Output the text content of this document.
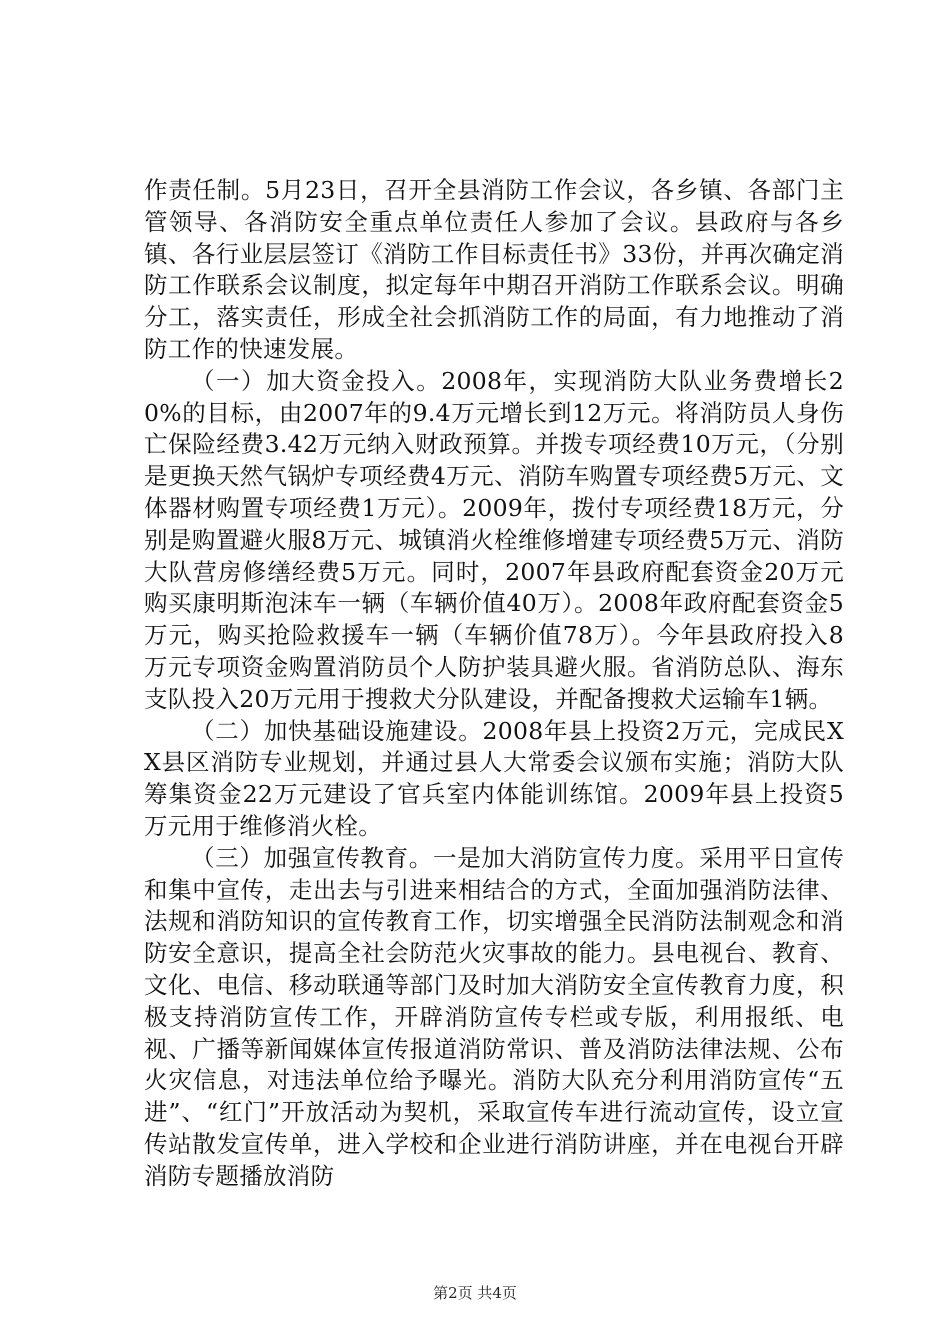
作责任制。5月23日，召开全县消防工作会议，各乡镇、各部门主管领导、各消防安全重点单位责任人参加了会议。县政府与各乡镇、各行业层层签订《消防工作目标责任书》33份，并再次确定消防工作联系会议制度，拟定每年中期召开消防工作联系会议。明确分工，落实责任，形成全社会抓消防工作的局面，有力地推动了消防工作的快速发展。

（一）加大资金投入。2008年，实现消防大队业务费增长20%的目标，由2007年的9.4万元增长到12万元。将消防员人身伤亡保险经费3.42万元纳入财政预算。并拨专项经费10万元，（分别是更换天然气锅炉专项经费4万元、消防车购置专项经费5万元、文体器材购置专项经费1万元）。2009年，拨付专项经费18万元，分别是购置避火服8万元、城镇消火栓维修增建专项经费5万元、消防大队营房修缮经费5万元。同时，2007年县政府配套资金20万元购买康明斯泡沫车一辆（车辆价值40万）。2008年政府配套资金5万元，购买抢险救援车一辆（车辆价值78万）。今年县政府投入8万元专项资金购置消防员个人防护装具避火服。省消防总队、海东支队投入20万元用于搜救犬分队建设，并配备搜救犬运输车1辆。

（二）加快基础设施建设。2008年县上投资2万元，完成民XX县区消防专业规划，并通过县人大常委会议颁布实施；消防大队筹集资金22万元建设了官兵室内体能训练馆。2009年县上投资5万元用于维修消火栓。

（三）加强宣传教育。一是加大消防宣传力度。采用平日宣传和集中宣传，走出去与引进来相结合的方式，全面加强消防法律、法规和消防知识的宣传教育工作，切实增强全民消防法制观念和消防安全意识，提高全社会防范火灾事故的能力。县电视台、教育、文化、电信、移动联通等部门及时加大消防安全宣传教育力度，积极支持消防宣传工作，开辟消防宣传专栏或专版，利用报纸、电视、广播等新闻媒体宣传报道消防常识、普及消防法律法规、公布火灾信息，对违法单位给予曝光。消防大队充分利用消防宣传“五进”、“红门”开放活动为契机，采取宣传车进行流动宣传，设立宣传站散发宣传单，进入学校和企业进行消防讲座，并在电视台开辟消防专题播放消防

第2页 共4页
